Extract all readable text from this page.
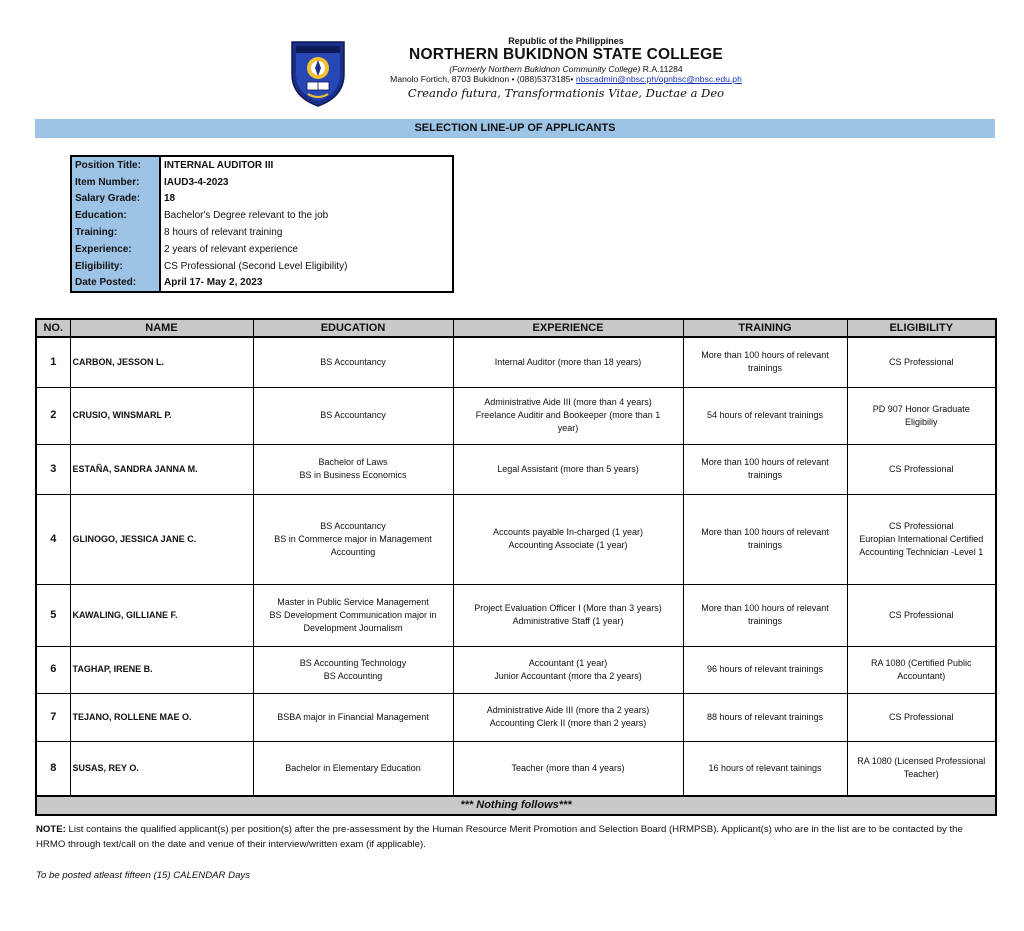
Republic of the Philippines
NORTHERN BUKIDNON STATE COLLEGE
(Formerly Northern Bukidnon Community College) R.A.11284
Manolo Fortich, 8703 Bukidnon • (088)5373185• nbscadmin@nbsc.ph/opnbsc@nbsc.edu.ph
Creando futura, Transformationis Vitae, Ductae a Deo
SELECTION LINE-UP OF APPLICANTS
Position Title:	INTERNAL AUDITOR III
Item Number:	IAUD3-4-2023
Salary Grade:	18
Education:	Bachelor's Degree relevant to the job
Training:	8 hours of relevant training
Experience:	2 years of relevant experience
Eligibility:	CS Professional (Second Level Eligibility)
Date Posted:	April 17- May 2, 2023
NO.	NAME	EDUCATION	EXPERIENCE	TRAINING	ELIGIBILITY
1	CARBON, JESSON L.	BS Accountancy	Internal Auditor (more than 18 years)	More than 100 hours of relevant
trainings	CS Professional

2	CRUSIO, WINSMARL P.	BS Accountancy	Administrative Aide III (more than 4 years)
Freelance Auditir and Bookeeper (more than 1
year)	54 hours of relevant trainings	PD 907 Honor Graduate
Eligibiliy

3	ESTAÑA, SANDRA JANNA M.	Bachelor of Laws
BS in Business Economics	Legal Assistant (more than 5 years)	More than 100 hours of relevant
trainings	CS Professional

4	GLINOGO, JESSICA JANE C.	BS Accountancy
BS in Commerce major in Management
Accounting	Accounts payable In-charged (1 year)
Accounting Associate (1 year)	More than 100 hours of relevant
trainings	CS Professional
Europian International Certified
Accounting Technician -Level 1

5	KAWALING, GILLIANE F.	Master in Public Service Management
BS Development Communication major in
Development Journalism	Project Evaluation Officer I (More than 3 years)
Administrative Staff (1 year)	More than 100 hours of relevant
trainings	CS Professional

6	TAGHAP, IRENE B.	BS Accounting Technology
BS Accounting	Accountant (1 year)
Junior Accountant (more tha 2 years)	96 hours of relevant trainings	RA 1080 (Certified Public
Accountant)

7	TEJANO, ROLLENE MAE O.	BSBA major in Financial Management	Administrative Aide III (more tha 2 years)
Accounting Clerk II (more than 2 years)	88 hours of relevant trainings	CS Professional

8	SUSAS, REY O.	Bachelor in Elementary Education	Teacher (more than 4 years)	16 hours of relevant tainings	RA 1080 (Licensed Professional
Teacher)

*** Nothing follows***					
NOTE: List contains the qualified applicant(s) per position(s) after the pre-assessment by the Human Resource Merit Promotion and Selection Board (HRMPSB). Applicant(s) who are in the list are to be contacted by the HRMO through text/call on the date and venue of their interview/written exam (if applicable).
To be posted atleast fifteen (15) CALENDAR Days
